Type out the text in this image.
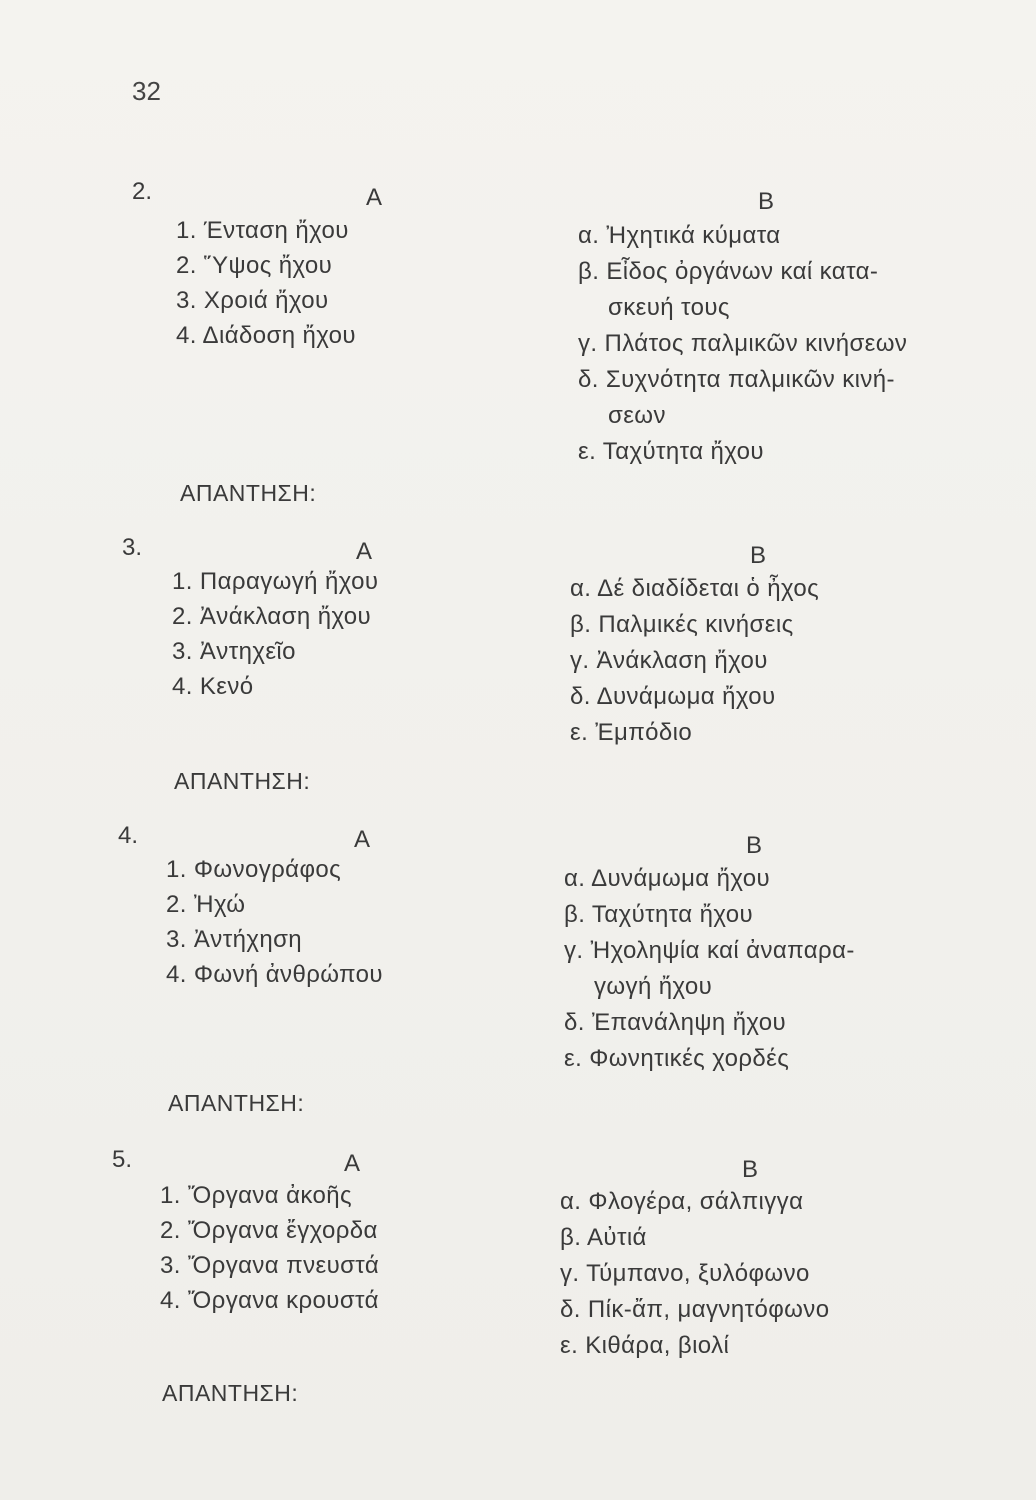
32
2.	Α	Β
1. Ένταση ἤχου
2. Ὕψος ἤχου
3. Χροιά ἤχου
4. Διάδοση ἤχου
α. Ἠχητικά κύματα
β. Εἶδος ὀργάνων καί κατα-
σκευή τους
γ. Πλάτος παλμικῶν κινήσεων
δ. Συχνότητα παλμικῶν κινή-
σεων
ε. Ταχύτητα ἤχου
ΑΠΑΝΤΗΣΗ:
3.	Α	Β
1. Παραγωγή ἤχου
2. Ἀνάκλαση ἤχου
3. Ἀντηχεῖο
4. Κενό
α. Δέ διαδίδεται ὁ ἦχος
β. Παλμικές κινήσεις
γ. Ἀνάκλαση ἤχου
δ. Δυνάμωμα ἤχου
ε. Ἐμπόδιο
ΑΠΑΝΤΗΣΗ:
4.	Α	Β
1. Φωνογράφος
2. Ἠχώ
3. Ἀντήχηση
4. Φωνή ἀνθρώπου
α. Δυνάμωμα ἤχου
β. Ταχύτητα ἤχου
γ. Ἠχοληψία καί ἀναπαρα-
γωγή ἤχου
δ. Ἐπανάληψη ἤχου
ε. Φωνητικές χορδές
ΑΠΑΝΤΗΣΗ:
5.	Α	Β
1. Ὄργανα ἀκοῆς
2. Ὄργανα ἔγχορδα
3. Ὄργανα πνευστά
4. Ὄργανα κρουστά
α. Φλογέρα, σάλπιγγα
β. Αὐτιά
γ. Τύμπανο, ξυλόφωνο
δ. Πίκ-ἄπ, μαγνητόφωνο
ε. Κιθάρα, βιολί
ΑΠΑΝΤΗΣΗ:
